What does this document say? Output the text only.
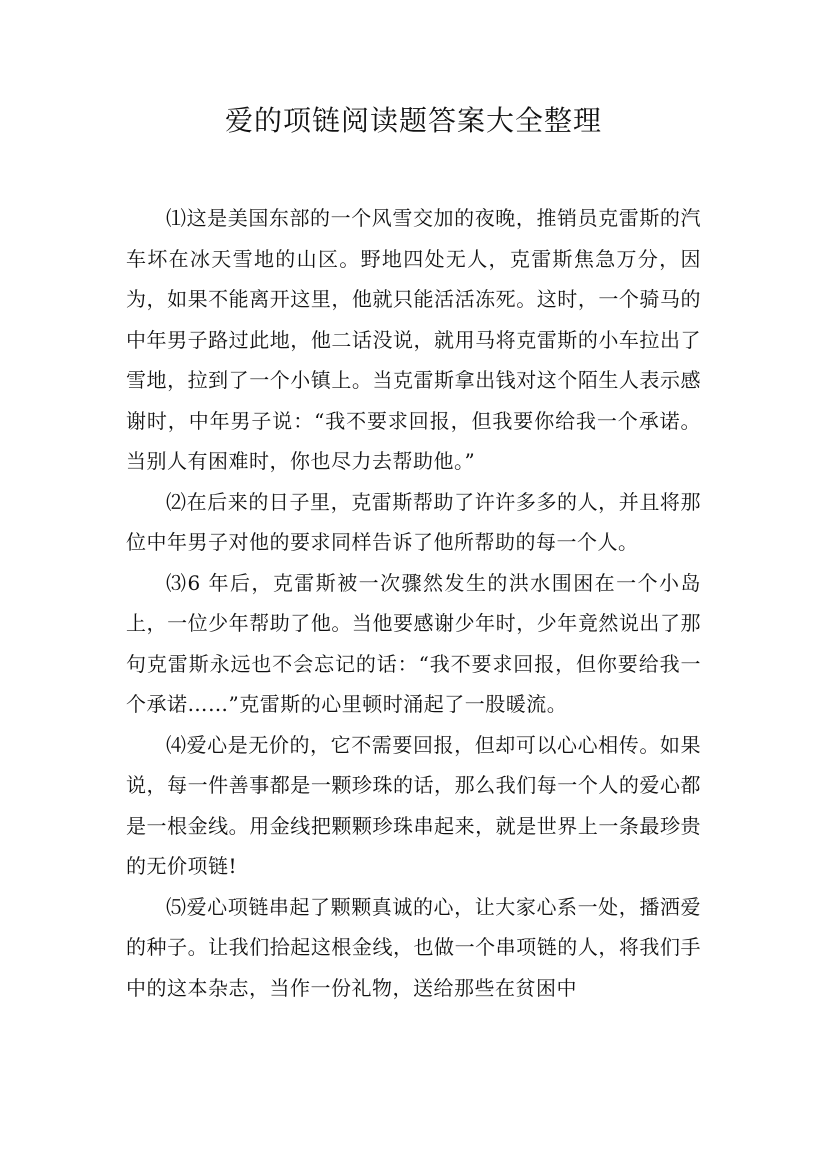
爱的项链阅读题答案大全整理

⑴这是美国东部的一个风雪交加的夜晚，推销员克雷斯的汽车坏在冰天雪地的山区。野地四处无人，克雷斯焦急万分，因为，如果不能离开这里，他就只能活活冻死。这时，一个骑马的中年男子路过此地，他二话没说，就用马将克雷斯的小车拉出了雪地，拉到了一个小镇上。当克雷斯拿出钱对这个陌生人表示感谢时，中年男子说：“我不要求回报，但我要你给我一个承诺。当别人有困难时，你也尽力去帮助他。”

⑵在后来的日子里，克雷斯帮助了许许多多的人，并且将那位中年男子对他的要求同样告诉了他所帮助的每一个人。

⑶6 年后，克雷斯被一次骤然发生的洪水围困在一个小岛上，一位少年帮助了他。当他要感谢少年时，少年竟然说出了那句克雷斯永远也不会忘记的话：“我不要求回报，但你要给我一个承诺……”克雷斯的心里顿时涌起了一股暖流。

⑷爱心是无价的，它不需要回报，但却可以心心相传。如果说，每一件善事都是一颗珍珠的话，那么我们每一个人的爱心都是一根金线。用金线把颗颗珍珠串起来，就是世界上一条最珍贵的无价项链!

⑸爱心项链串起了颗颗真诚的心，让大家心系一处，播洒爱的种子。让我们拾起这根金线，也做一个串项链的人，将我们手中的这本杂志，当作一份礼物，送给那些在贫困中
